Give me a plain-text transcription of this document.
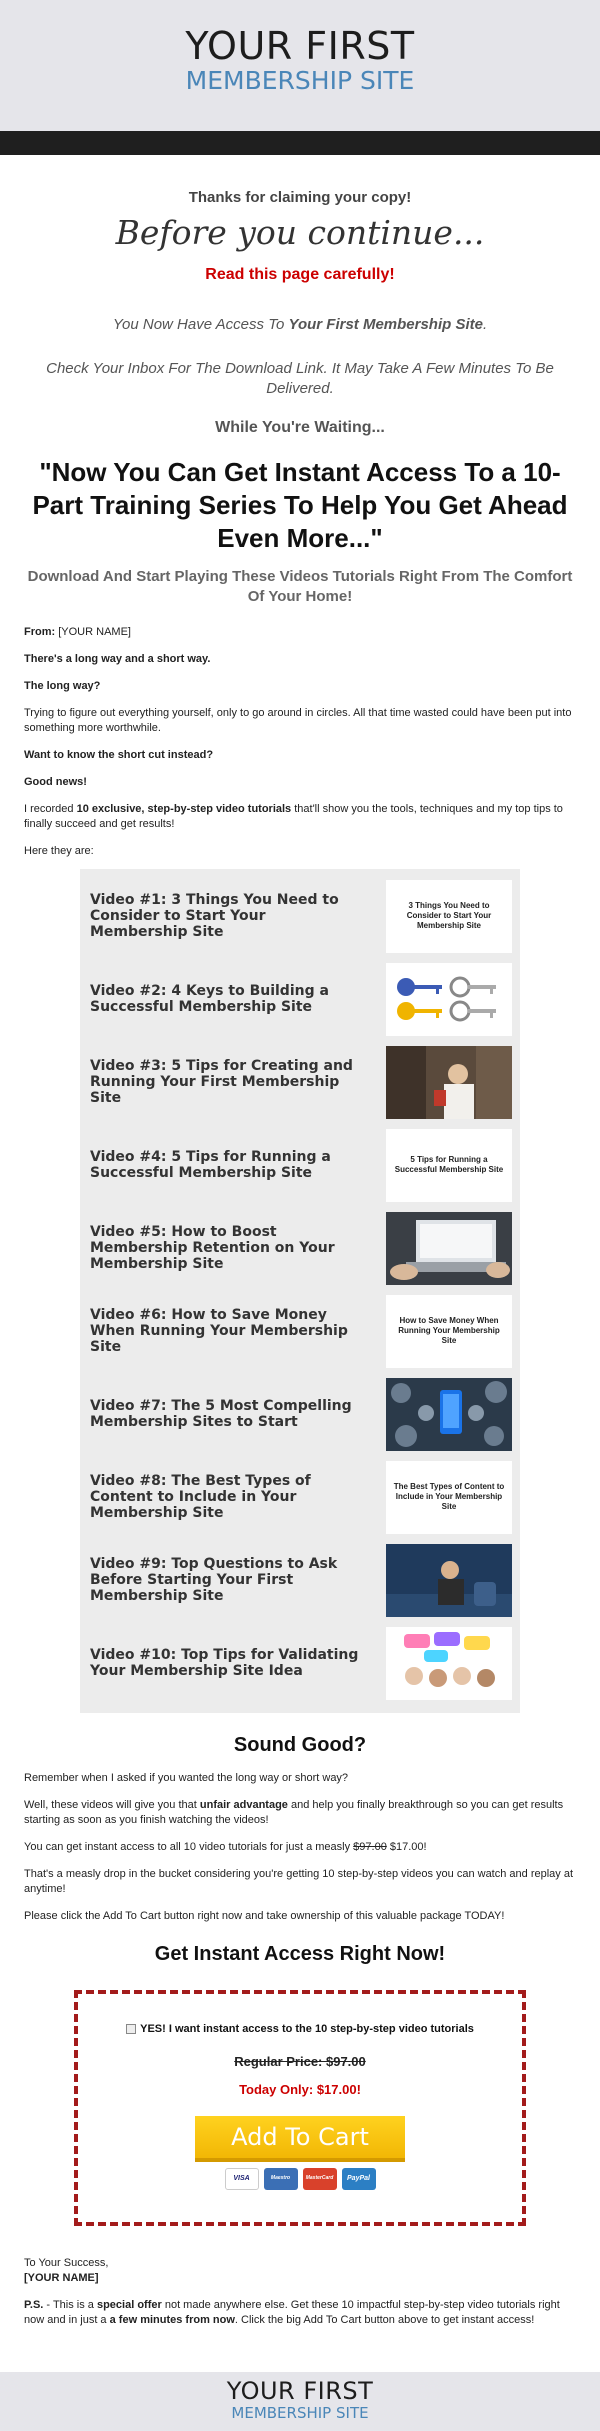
YOUR FIRST
MEMBERSHIP SITE
Thanks for claiming your copy!
Before you continue...
Read this page carefully!
You Now Have Access To Your First Membership Site.
Check Your Inbox For The Download Link. It May Take A Few Minutes To Be Delivered.
While You're Waiting...
"Now You Can Get Instant Access To a 10-Part Training Series To Help You Get Ahead Even More..."
Download And Start Playing These Videos Tutorials Right From The Comfort Of Your Home!

From: [YOUR NAME]

There's a long way and a short way.

The long way?

Trying to figure out everything yourself, only to go around in circles. All that time wasted could have been put into something more worthwhile.

Want to know the short cut instead?

Good news!

I recorded 10 exclusive, step-by-step video tutorials that'll show you the tools, techniques and my top tips to finally succeed and get results!

Here they are:

Video #1: 3 Things You Need to Consider to Start Your Membership Site
3 Things You Need to Consider to Start Your Membership Site
Video #2: 4 Keys to Building a Successful Membership Site
Video #3: 5 Tips for Creating and Running Your First Membership Site
Video #4: 5 Tips for Running a Successful Membership Site
5 Tips for Running a Successful Membership Site
Video #5: How to Boost Membership Retention on Your Membership Site
Video #6: How to Save Money When Running Your Membership Site
How to Save Money When Running Your Membership Site
Video #7: The 5 Most Compelling Membership Sites to Start
Video #8: The Best Types of Content to Include in Your Membership Site
The Best Types of Content to Include in Your Membership Site
Video #9: Top Questions to Ask Before Starting Your First Membership Site
Video #10: Top Tips for Validating Your Membership Site Idea
Sound Good?

Remember when I asked if you wanted the long way or short way?

Well, these videos will give you that unfair advantage and help you finally breakthrough so you can get results starting as soon as you finish watching the videos!

You can get instant access to all 10 video tutorials for just a measly $97.00 $17.00!

That's a measly drop in the bucket considering you're getting 10 step-by-step videos you can watch and replay at anytime!

Please click the Add To Cart button right now and take ownership of this valuable package TODAY!

Get Instant Access Right Now!
YES! I want instant access to the 10 step-by-step video tutorials
Regular Price: $97.00
Today Only: $17.00!
Add To Cart
VISA	Maestro	MasterCard	PayPal
To Your Success,
[YOUR NAME]

P.S. - This is a special offer not made anywhere else. Get these 10 impactful step-by-step video tutorials right now and in just a a few minutes from now. Click the big Add To Cart button above to get instant access!

YOUR FIRST
MEMBERSHIP SITE
